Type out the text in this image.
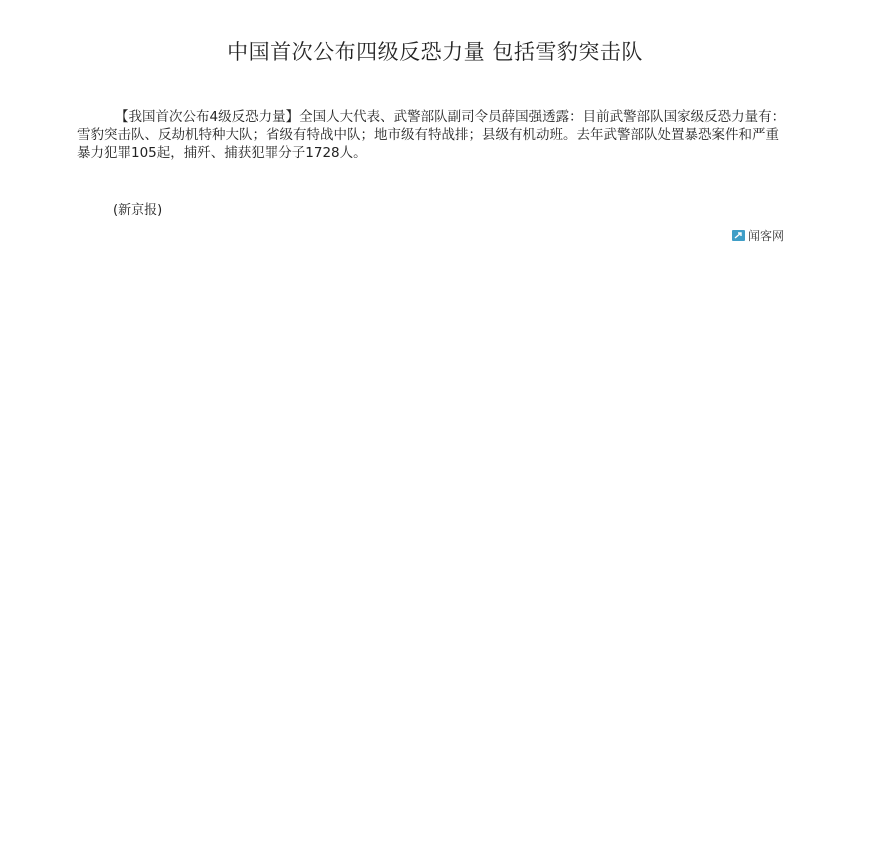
中国首次公布四级反恐力量 包括雪豹突击队

【我国首次公布4级反恐力量】全国人大代表、武警部队副司令员薛国强透露：目前武警部队国家级反恐力量有：雪豹突击队、反劫机特种大队；省级有特战中队；地市级有特战排；县级有机动班。去年武警部队处置暴恐案件和严重暴力犯罪105起，捕歼、捕获犯罪分子1728人。

(新京报)
闻客网
